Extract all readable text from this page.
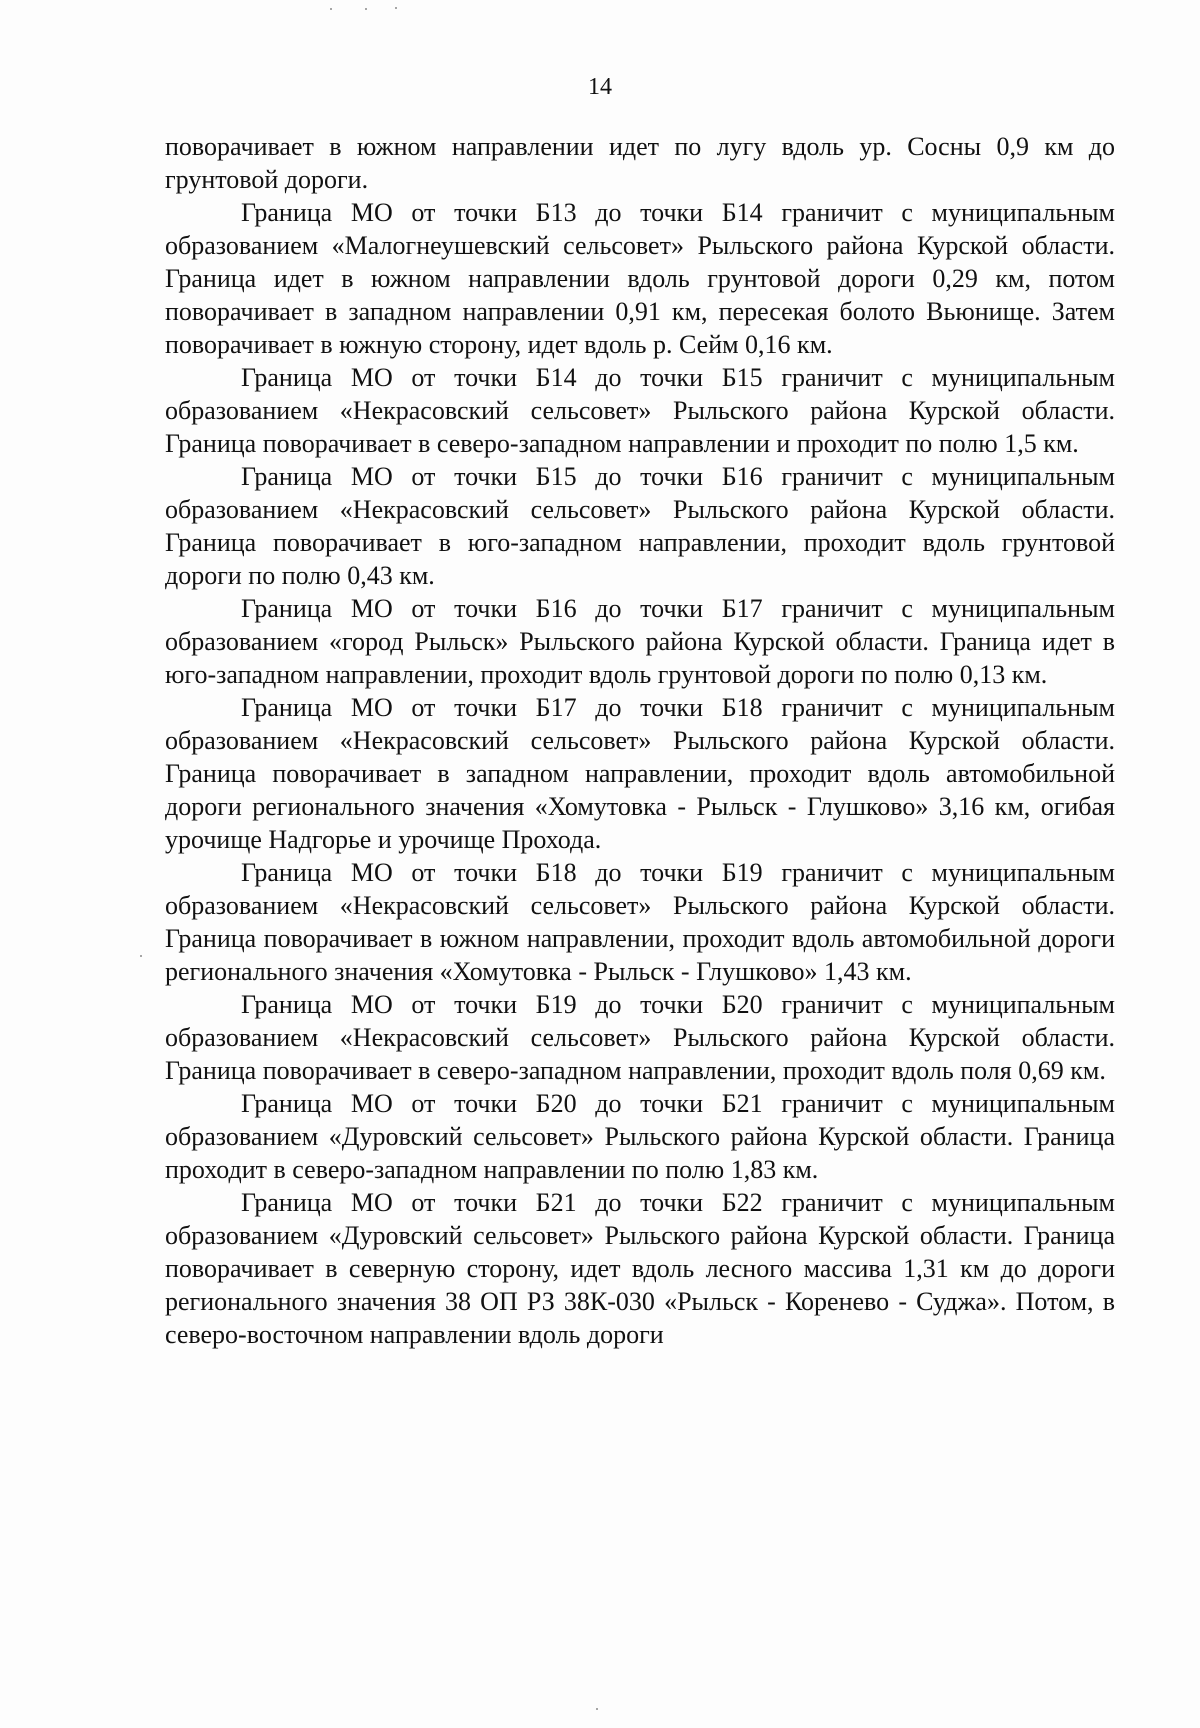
14

поворачивает в южном направлении идет по лугу вдоль ур. Сосны 0,9 км до грунтовой дороги.

Граница МО от точки Б13 до точки Б14 граничит с муниципальным образованием «Малогнеушевский сельсовет» Рыльского района Курской области. Граница идет в южном направлении вдоль грунтовой дороги 0,29 км, потом поворачивает в западном направлении 0,91 км, пересекая болото Вьюнище. Затем поворачивает в южную сторону, идет вдоль р. Сейм 0,16 км.

Граница МО от точки Б14 до точки Б15 граничит с муниципальным образованием «Некрасовский сельсовет» Рыльского района Курской области. Граница поворачивает в северо-западном направлении и проходит по полю 1,5 км.

Граница МО от точки Б15 до точки Б16 граничит с муниципальным образованием «Некрасовский сельсовет» Рыльского района Курской области. Граница поворачивает в юго-западном направлении, проходит вдоль грунтовой дороги по полю 0,43 км.

Граница МО от точки Б16 до точки Б17 граничит с муниципальным образованием «город Рыльск» Рыльского района Курской области. Граница идет в юго-западном направлении, проходит вдоль грунтовой дороги по полю 0,13 км.

Граница МО от точки Б17 до точки Б18 граничит с муниципальным образованием «Некрасовский сельсовет» Рыльского района Курской области. Граница поворачивает в западном направлении, проходит вдоль автомобильной дороги регионального значения «Хомутовка - Рыльск - Глушково» 3,16 км, огибая урочище Надгорье и урочище Прохода.

Граница МО от точки Б18 до точки Б19 граничит с муниципальным образованием «Некрасовский сельсовет» Рыльского района Курской области. Граница поворачивает в южном направлении, проходит вдоль автомобильной дороги регионального значения «Хомутовка - Рыльск - Глушково» 1,43 км.

Граница МО от точки Б19 до точки Б20 граничит с муниципальным образованием «Некрасовский сельсовет» Рыльского района Курской области. Граница поворачивает в северо-западном направлении, проходит вдоль поля 0,69 км.

Граница МО от точки Б20 до точки Б21 граничит с муниципальным образованием «Дуровский сельсовет» Рыльского района Курской области. Граница проходит в северо-западном направлении по полю 1,83 км.

Граница МО от точки Б21 до точки Б22 граничит с муниципальным образованием «Дуровский сельсовет» Рыльского района Курской области. Граница поворачивает в северную сторону, идет вдоль лесного массива 1,31 км до дороги регионального значения 38 ОП РЗ 38К-030 «Рыльск - Коренево - Суджа». Потом, в северо-восточном направлении вдоль дороги
